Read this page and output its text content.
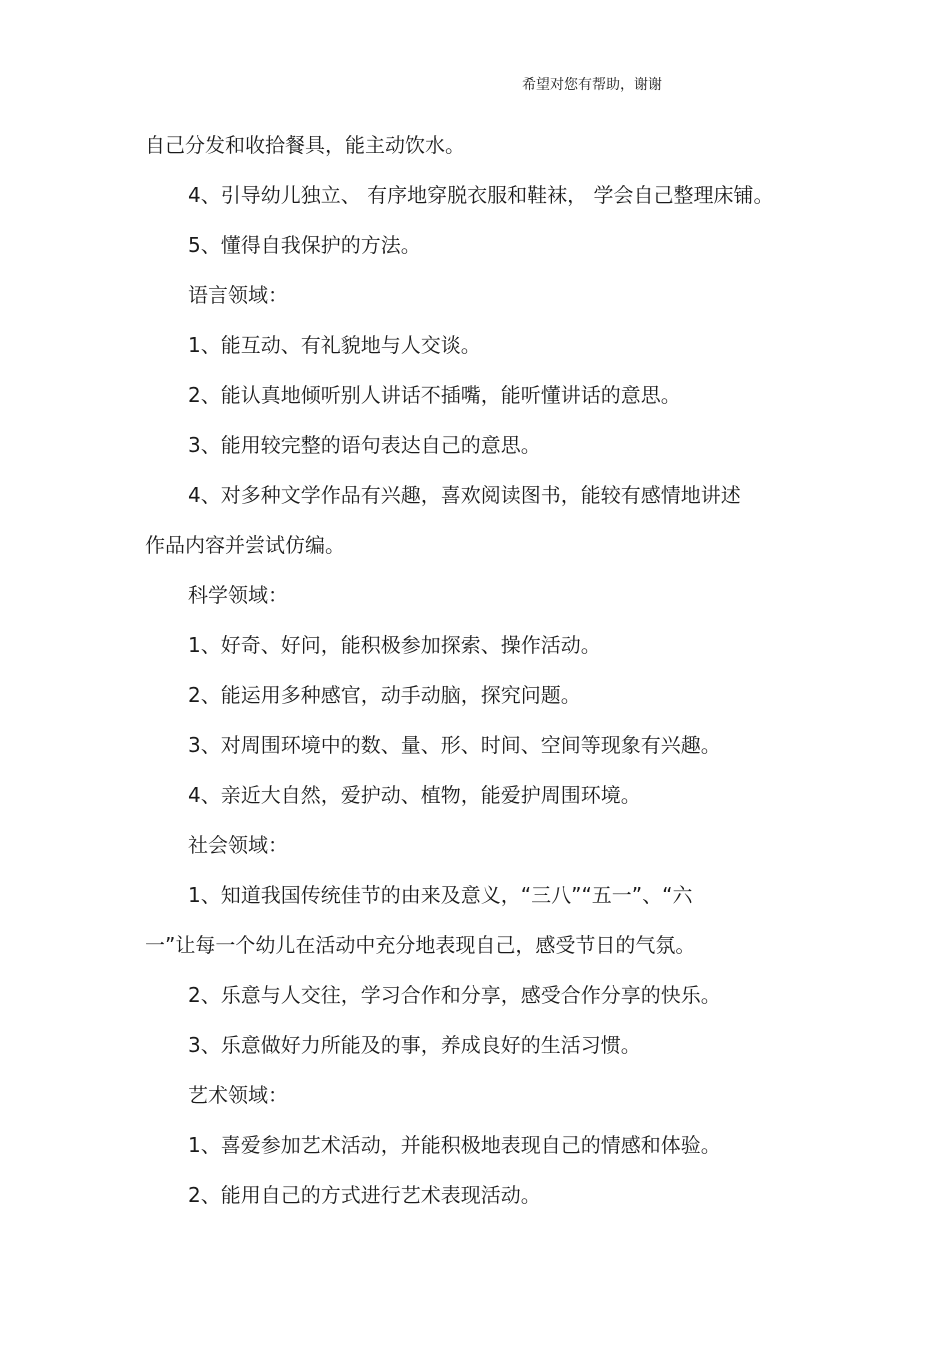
希望对您有帮助，谢谢
自己分发和收拾餐具，能主动饮水。
4、引导幼儿独立、 有序地穿脱衣服和鞋袜， 学会自己整理床铺。
5、懂得自我保护的方法。
语言领域：
1、能互动、有礼貌地与人交谈。
2、能认真地倾听别人讲话不插嘴，能听懂讲话的意思。
3、能用较完整的语句表达自己的意思。
4、对多种文学作品有兴趣，喜欢阅读图书，能较有感情地讲述
作品内容并尝试仿编。
科学领域：
1、好奇、好问，能积极参加探索、操作活动。
2、能运用多种感官，动手动脑，探究问题。
3、对周围环境中的数、量、形、时间、空间等现象有兴趣。
4、亲近大自然，爱护动、植物，能爱护周围环境。
社会领域：
1、知道我国传统佳节的由来及意义，“三八”“五一”、“六
一”让每一个幼儿在活动中充分地表现自己，感受节日的气氛。
2、乐意与人交往，学习合作和分享，感受合作分享的快乐。
3、乐意做好力所能及的事，养成良好的生活习惯。
艺术领域：
1、喜爱参加艺术活动，并能积极地表现自己的情感和体验。
2、能用自己的方式进行艺术表现活动。
